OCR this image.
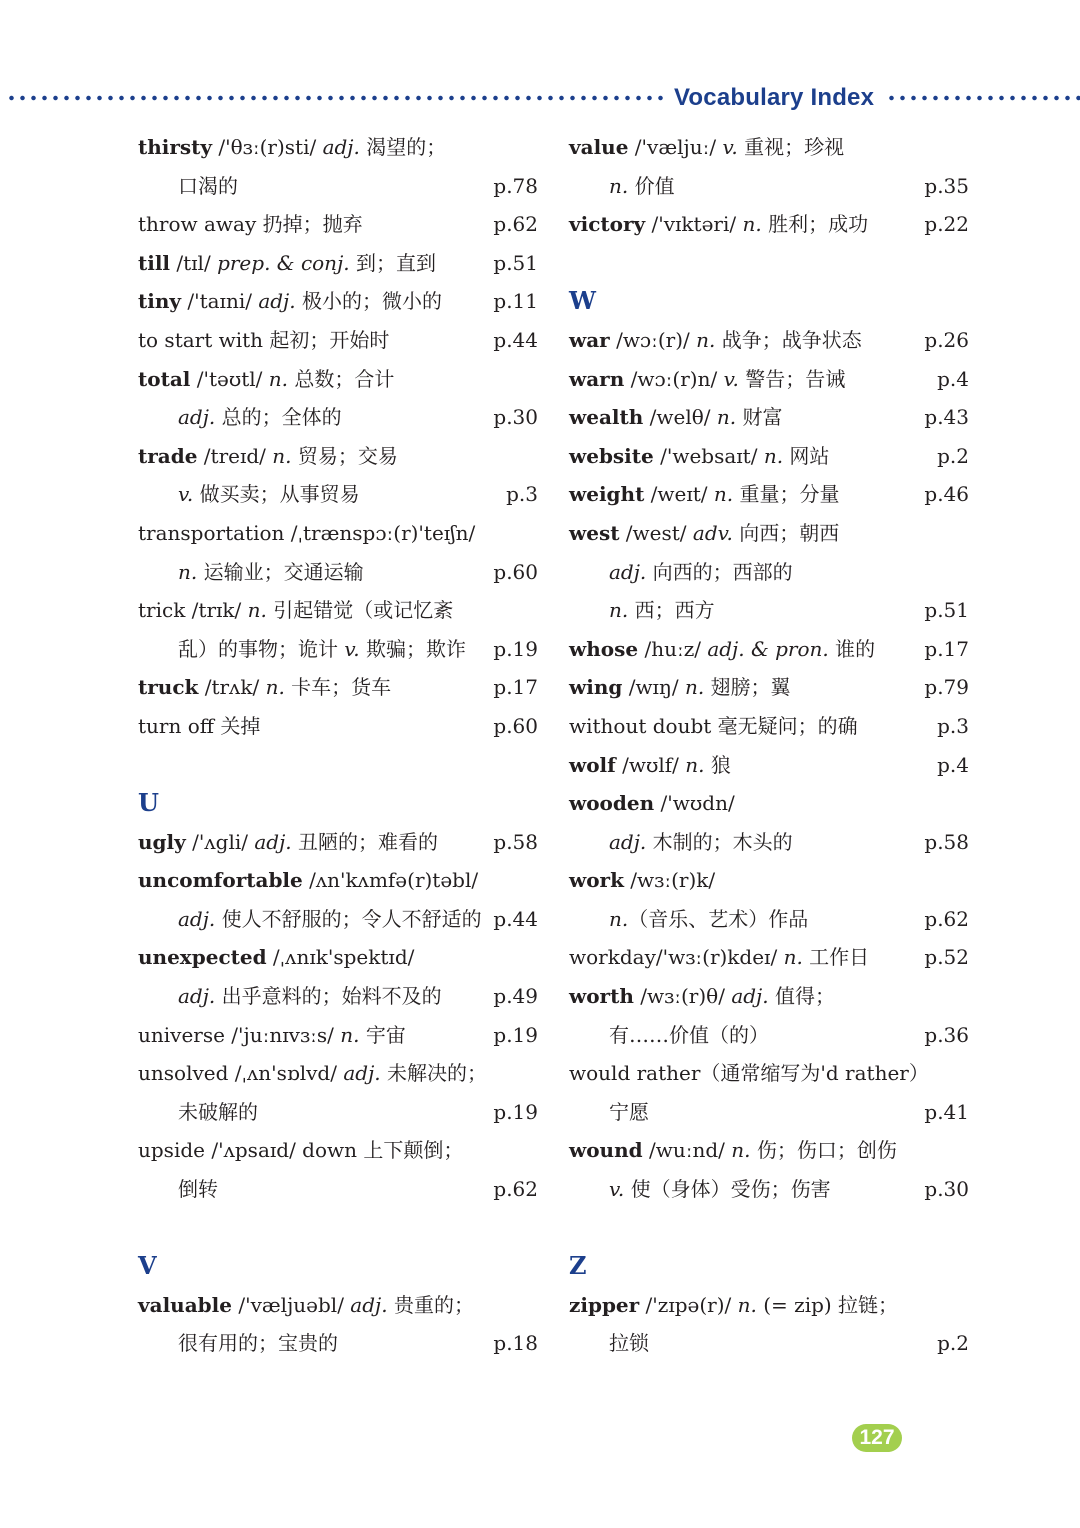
Vocabulary Index
thirsty /'θɜː(r)sti/ adj. 渴望的；
口渴的	p.78
throw away 扔掉；抛弃	p.62
till /tɪl/ prep. & conj. 到；直到	p.51
tiny /'taɪni/ adj. 极小的；微小的	p.11
to start with 起初；开始时	p.44
total /'təʊtl/ n. 总数；合计
adj. 总的；全体的	p.30
trade /treɪd/ n. 贸易；交易
v. 做买卖；从事贸易	p.3
transportation /ˌtrænspɔː(r)'teɪʃn/
n. 运输业；交通运输	p.60
trick /trɪk/ n. 引起错觉（或记忆紊
乱）的事物；诡计 v. 欺骗；欺诈 p.19
truck /trʌk/ n. 卡车；货车	p.17
turn off 关掉	p.60
U
ugly /'ʌgli/ adj. 丑陋的；难看的	p.58
uncomfortable /ʌn'kʌmfə(r)təbl/
adj. 使人不舒服的；令人不舒适的 p.44
unexpected /ˌʌnɪk'spektɪd/
adj. 出乎意料的；始料不及的	p.49
universe /'juːnɪvɜːs/ n. 宇宙	p.19
unsolved /ˌʌn'sɒlvd/ adj. 未解决的；
未破解的	p.19
upside /'ʌpsaɪd/ down 上下颠倒；
倒转	p.62
V
valuable /'væljuəbl/ adj. 贵重的；
很有用的；宝贵的	p.18
value /'væljuː/ v. 重视；珍视
n. 价值	p.35
victory /'vɪktəri/ n. 胜利；成功	p.22
W
war /wɔː(r)/ n. 战争；战争状态	p.26
warn /wɔː(r)n/ v. 警告；告诫	p.4
wealth /welθ/ n. 财富	p.43
website /'websaɪt/ n. 网站	p.2
weight /weɪt/ n. 重量；分量	p.46
west /west/ adv. 向西；朝西
adj. 向西的；西部的
n. 西；西方	p.51
whose /huːz/ adj. & pron. 谁的 p.17
wing /wɪŋ/ n. 翅膀；翼	p.79
without doubt 毫无疑问；的确	p.3
wolf /wʊlf/ n. 狼	p.4
wooden /'wʊdn/
adj. 木制的；木头的	p.58
work /wɜː(r)k/
n.（音乐、艺术）作品	p.62
workday/'wɜː(r)kdeɪ/ n. 工作日	p.52
worth /wɜː(r)θ/ adj. 值得；
有……价值（的）	p.36
would rather（通常缩写为'd rather）
宁愿	p.41
wound /wuːnd/ n. 伤；伤口；创伤
v. 使（身体）受伤；伤害	p.30
Z
zipper /'zɪpə(r)/ n. (= zip) 拉链；
拉锁	p.2
127
